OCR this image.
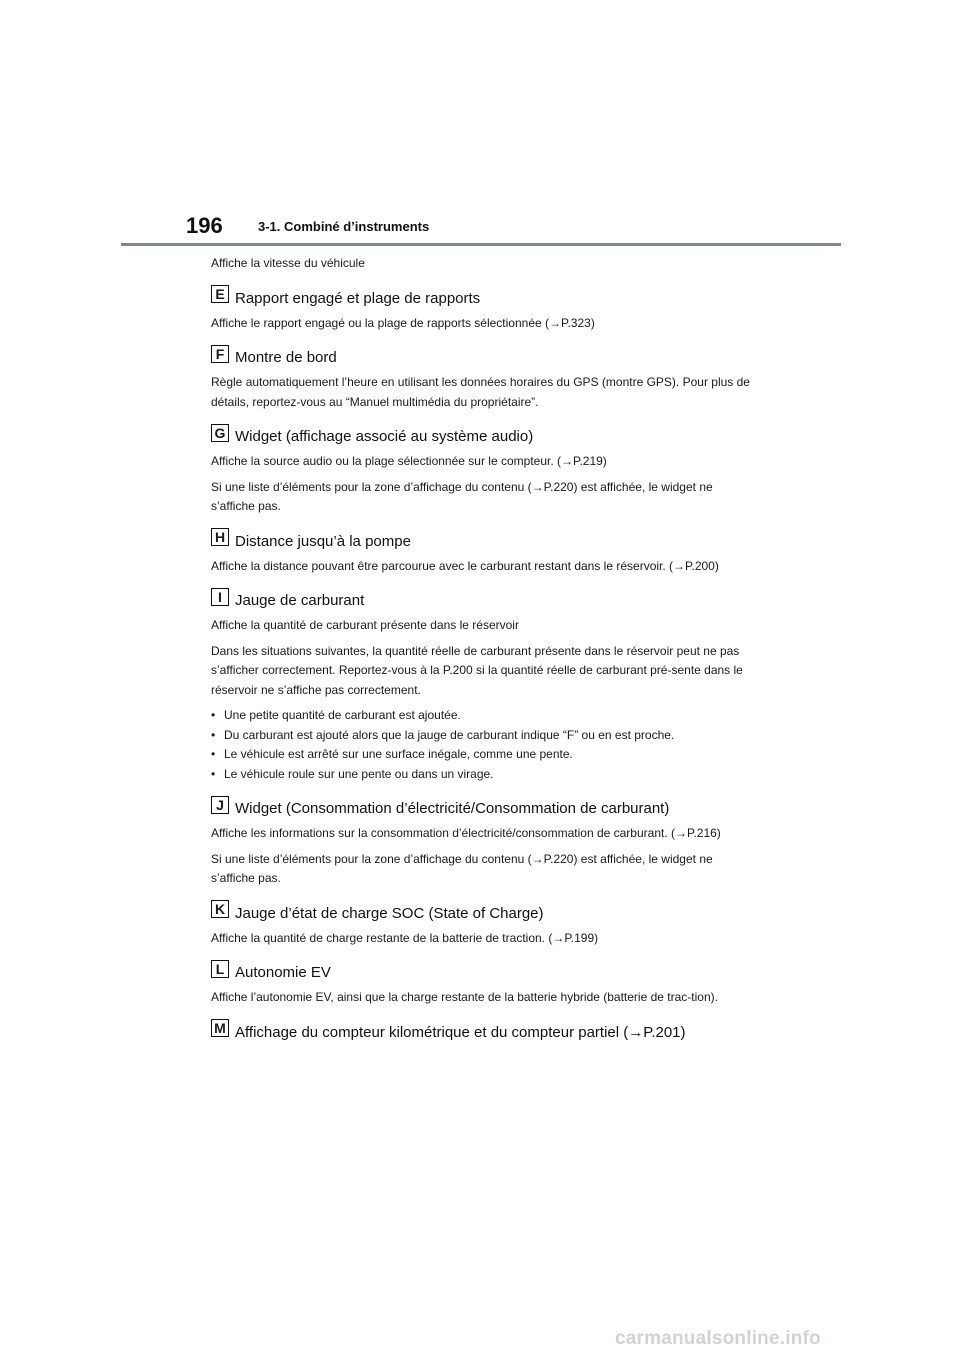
196	3-1. Combiné d’instruments

Affiche la vitesse du véhicule

E Rapport engagé et plage de rapports

Affiche le rapport engagé ou la plage de rapports sélectionnée (→P.323)

F Montre de bord

Règle automatiquement l’heure en utilisant les données horaires du GPS (montre GPS). Pour plus de détails, reportez-vous au “Manuel multimédia du propriétaire”.

G Widget (affichage associé au système audio)

Affiche la source audio ou la plage sélectionnée sur le compteur. (→P.219)

Si une liste d’éléments pour la zone d’affichage du contenu (→P.220) est affichée, le widget ne s’affiche pas.

H Distance jusqu’à la pompe

Affiche la distance pouvant être parcourue avec le carburant restant dans le réservoir. (→P.200)

I Jauge de carburant

Affiche la quantité de carburant présente dans le réservoir

Dans les situations suivantes, la quantité réelle de carburant présente dans le réservoir peut ne pas s’afficher correctement. Reportez-vous à la P.200 si la quantité réelle de carburant pré-sente dans le réservoir ne s’affiche pas correctement.

• Une petite quantité de carburant est ajoutée.
• Du carburant est ajouté alors que la jauge de carburant indique “F” ou en est proche.
• Le véhicule est arrêté sur une surface inégale, comme une pente.
• Le véhicule roule sur une pente ou dans un virage.
J Widget (Consommation d’électricité/Consommation de carburant)

Affiche les informations sur la consommation d’électricité/consommation de carburant. (→P.216)

Si une liste d’éléments pour la zone d’affichage du contenu (→P.220) est affichée, le widget ne s’affiche pas.

K Jauge d’état de charge SOC (State of Charge)

Affiche la quantité de charge restante de la batterie de traction. (→P.199)

L Autonomie EV

Affiche l’autonomie EV, ainsi que la charge restante de la batterie hybride (batterie de trac-tion).

M Affichage du compteur kilométrique et du compteur partiel (→P.201)
carmanualsonline.info
